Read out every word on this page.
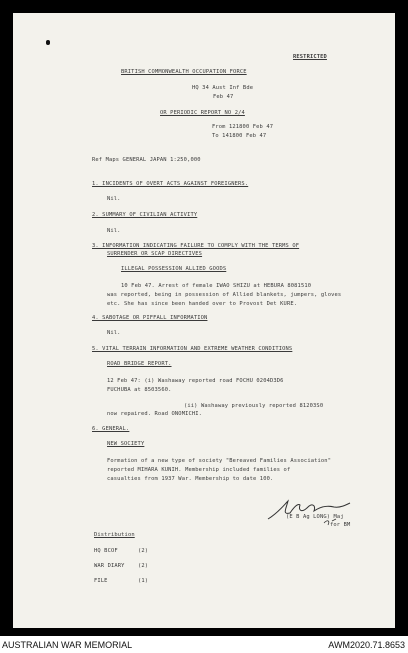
RESTRICTED
BRITISH COMMONWEALTH OCCUPATION FORCE
HQ 34 Aust Inf Bde
Feb 47
OR PERIODIC REPORT NO 2/4
From 121800 Feb 47
To 141800 Feb 47
Ref Maps GENERAL JAPAN 1:250,000
1. INCIDENTS OF OVERT ACTS AGAINST FOREIGNERS.
Nil.
2. SUMMARY OF CIVILIAN ACTIVITY
Nil.
3. INFORMATION INDICATING FAILURE TO COMPLY WITH THE TERMS OF
SURRENDER OR SCAP DIRECTIVES
ILLEGAL POSSESSION ALLIED GOODS
10 Feb 47. Arrest of female IWAO SHIZU at HEBURA 8081510
was reported, being in possession of Allied blankets, jumpers, gloves
etc. She has since been handed over to Provost Det KURE.
4. SABOTAGE OR PIFFALL INFORMATION
Nil.
5. VITAL TERRAIN INFORMATION AND EXTREME WEATHER CONDITIONS
ROAD BRIDGE REPORT.
12 Feb 47: (i) Washaway reported road FOCHU 0204D3D6
FUCHUBA at 8503560.
(ii) Washaway previously reported 81203S0
now repaired. Road ONOMICHI.
6. GENERAL.
NEW SOCIETY
Formation of a new type of society "Bereaved Families Association"
reported MIHARA KUNIH. Membership included families of
casualties from 1937 War. Membership to date 100.
(E B Ag LONG) Maj
for BM
Distribution
HQ BCOF	(2)
WAR DIARY (2)
FILE	(1)
AUSTRALIAN WAR MEMORIAL	AWM2020.71.8653
